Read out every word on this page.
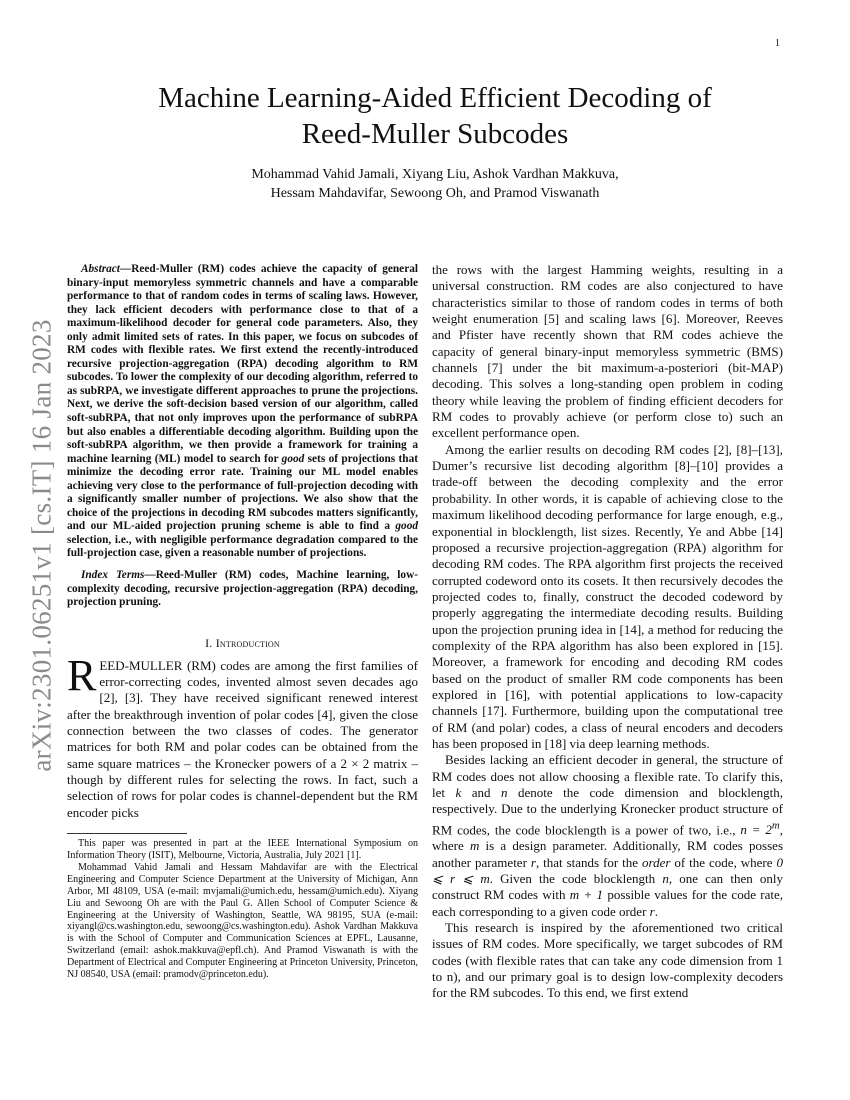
1
arXiv:2301.06251v1 [cs.IT] 16 Jan 2023
Machine Learning-Aided Efficient Decoding of
Reed-Muller Subcodes
Mohammad Vahid Jamali, Xiyang Liu, Ashok Vardhan Makkuva,
Hessam Mahdavifar, Sewoong Oh, and Pramod Viswanath

Abstract—Reed-Muller (RM) codes achieve the capacity of general binary-input memoryless symmetric channels and have a comparable performance to that of random codes in terms of scaling laws. However, they lack efficient decoders with performance close to that of a maximum-likelihood decoder for general code parameters. Also, they only admit limited sets of rates. In this paper, we focus on subcodes of RM codes with flexible rates. We first extend the recently-introduced recursive projection-aggregation (RPA) decoding algorithm to RM subcodes. To lower the complexity of our decoding algorithm, referred to as subRPA, we investigate different approaches to prune the projections. Next, we derive the soft-decision based version of our algorithm, called soft-subRPA, that not only improves upon the performance of subRPA but also enables a differentiable decoding algorithm. Building upon the soft-subRPA algorithm, we then provide a framework for training a machine learning (ML) model to search for good sets of projections that minimize the decoding error rate. Training our ML model enables achieving very close to the performance of full-projection decoding with a significantly smaller number of projections. We also show that the choice of the projections in decoding RM subcodes matters significantly, and our ML-aided projection pruning scheme is able to find a good selection, i.e., with negligible performance degradation compared to the full-projection case, given a reasonable number of projections.

Index Terms—Reed-Muller (RM) codes, Machine learning, low-complexity decoding, recursive projection-aggregation (RPA) decoding, projection pruning.

I. Introduction

REED-MULLER (RM) codes are among the first families of error-correcting codes, invented almost seven decades ago [2], [3]. They have received significant renewed interest after the breakthrough invention of polar codes [4], given the close connection between the two classes of codes. The generator matrices for both RM and polar codes can be obtained from the same square matrices – the Kronecker powers of a 2 × 2 matrix – though by different rules for selecting the rows. In fact, such a selection of rows for polar codes is channel-dependent but the RM encoder picks

This paper was presented in part at the IEEE International Symposium on Information Theory (ISIT), Melbourne, Victoria, Australia, July 2021 [1].

Mohammad Vahid Jamali and Hessam Mahdavifar are with the Electrical Engineering and Computer Science Department at the University of Michigan, Ann Arbor, MI 48109, USA (e-mail: mvjamali@umich.edu, hessam@umich.edu). Xiyang Liu and Sewoong Oh are with the Paul G. Allen School of Computer Science & Engineering at the University of Washington, Seattle, WA 98195, SUA (e-mail: xiyangl@cs.washington.edu, sewoong@cs.washington.edu). Ashok Vardhan Makkuva is with the School of Computer and Communication Sciences at EPFL, Lausanne, Switzerland (email: ashok.makkuva@epfl.ch). And Pramod Viswanath is with the Department of Electrical and Computer Engineering at Princeton University, Princeton, NJ 08540, USA (email: pramodv@princeton.edu).

the rows with the largest Hamming weights, resulting in a universal construction. RM codes are also conjectured to have characteristics similar to those of random codes in terms of both weight enumeration [5] and scaling laws [6]. Moreover, Reeves and Pfister have recently shown that RM codes achieve the capacity of general binary-input memoryless symmetric (BMS) channels [7] under the bit maximum-a-posteriori (bit-MAP) decoding. This solves a long-standing open problem in coding theory while leaving the problem of finding efficient decoders for RM codes to provably achieve (or perform close to) such an excellent performance open.

Among the earlier results on decoding RM codes [2], [8]–[13], Dumer’s recursive list decoding algorithm [8]–[10] provides a trade-off between the decoding complexity and the error probability. In other words, it is capable of achieving close to the maximum likelihood decoding performance for large enough, e.g., exponential in blocklength, list sizes. Recently, Ye and Abbe [14] proposed a recursive projection-aggregation (RPA) algorithm for decoding RM codes. The RPA algorithm first projects the received corrupted codeword onto its cosets. It then recursively decodes the projected codes to, finally, construct the decoded codeword by properly aggregating the intermediate decoding results. Building upon the projection pruning idea in [14], a method for reducing the complexity of the RPA algorithm has also been explored in [15]. Moreover, a framework for encoding and decoding RM codes based on the product of smaller RM code components has been explored in [16], with potential applications to low-capacity channels [17]. Furthermore, building upon the computational tree of RM (and polar) codes, a class of neural encoders and decoders has been proposed in [18] via deep learning methods.

Besides lacking an efficient decoder in general, the structure of RM codes does not allow choosing a flexible rate. To clarify this, let k and n denote the code dimension and blocklength, respectively. Due to the underlying Kronecker product structure of RM codes, the code blocklength is a power of two, i.e., $n = 2^m$, where m is a design parameter. Additionally, RM codes posses another parameter r, that stands for the order of the code, where 0 ⩽ r ⩽ m. Given the code blocklength n, one can then only construct RM codes with m + 1 possible values for the code rate, each corresponding to a given code order r.

This research is inspired by the aforementioned two critical issues of RM codes. More specifically, we target subcodes of RM codes (with flexible rates that can take any code dimension from 1 to n), and our primary goal is to design low-complexity decoders for the RM subcodes. To this end, we first extend
